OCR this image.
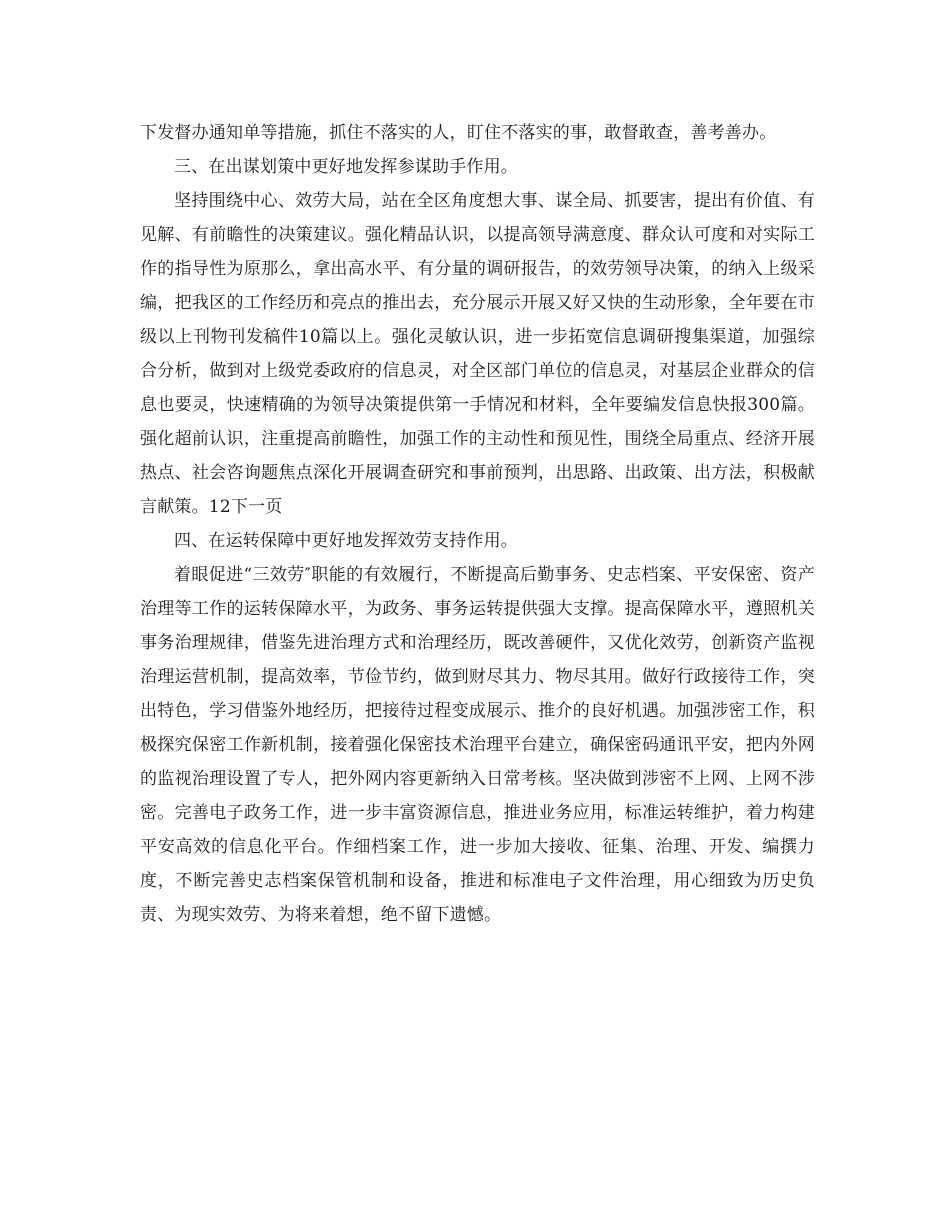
下发督办通知单等措施，抓住不落实的人，盯住不落实的事，敢督敢查，善考善办。

三、在出谋划策中更好地发挥参谋助手作用。

坚持围绕中心、效劳大局，站在全区角度想大事、谋全局、抓要害，提出有价值、有见解、有前瞻性的决策建议。强化精品认识，以提高领导满意度、群众认可度和对实际工作的指导性为原那么，拿出高水平、有分量的调研报告，的效劳领导决策，的纳入上级采编，把我区的工作经历和亮点的推出去，充分展示开展又好又快的生动形象，全年要在市级以上刊物刊发稿件10篇以上。强化灵敏认识，进一步拓宽信息调研搜集渠道，加强综合分析，做到对上级党委政府的信息灵，对全区部门单位的信息灵，对基层企业群众的信息也要灵，快速精确的为领导决策提供第一手情况和材料，全年要编发信息快报300篇。强化超前认识，注重提高前瞻性，加强工作的主动性和预见性，围绕全局重点、经济开展热点、社会咨询题焦点深化开展调查研究和事前预判，出思路、出政策、出方法，积极献言献策。12下一页

四、在运转保障中更好地发挥效劳支持作用。

着眼促进“三效劳″职能的有效履行，不断提高后勤事务、史志档案、平安保密、资产治理等工作的运转保障水平，为政务、事务运转提供强大支撑。提高保障水平，遵照机关事务治理规律，借鉴先进治理方式和治理经历，既改善硬件，又优化效劳，创新资产监视治理运营机制，提高效率，节俭节约，做到财尽其力、物尽其用。做好行政接待工作，突出特色，学习借鉴外地经历，把接待过程变成展示、推介的良好机遇。加强涉密工作，积极探究保密工作新机制，接着强化保密技术治理平台建立，确保密码通讯平安，把内外网的监视治理设置了专人，把外网内容更新纳入日常考核。坚决做到涉密不上网、上网不涉密。完善电子政务工作，进一步丰富资源信息，推进业务应用，标准运转维护，着力构建平安高效的信息化平台。作细档案工作，进一步加大接收、征集、治理、开发、编撰力度，不断完善史志档案保管机制和设备，推进和标准电子文件治理，用心细致为历史负责、为现实效劳、为将来着想，绝不留下遗憾。
